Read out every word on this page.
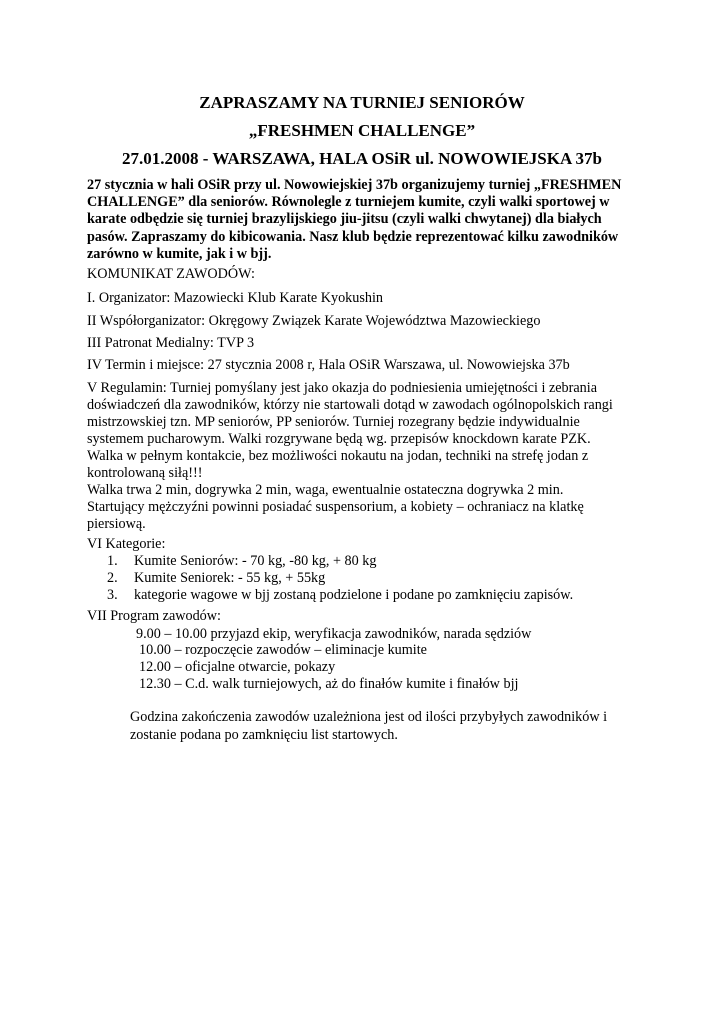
ZAPRASZAMY NA TURNIEJ SENIORÓW
„FRESHMEN CHALLENGE”
27.01.2008 - WARSZAWA, HALA OSiR ul. NOWOWIEJSKA 37b
27 stycznia w hali OSiR przy ul. Nowowiejskiej 37b organizujemy turniej „FRESHMEN
CHALLENGE” dla seniorów. Równolegle z turniejem kumite, czyli walki sportowej w
karate odbędzie się turniej brazylijskiego jiu-jitsu (czyli walki chwytanej) dla białych
pasów. Zapraszamy do kibicowania. Nasz klub będzie reprezentować kilku zawodników
zarówno w kumite, jak i w bjj.
KOMUNIKAT ZAWODÓW:
I. Organizator: Mazowiecki Klub Karate Kyokushin
II Współorganizator: Okręgowy Związek Karate Województwa Mazowieckiego
III Patronat Medialny: TVP 3
IV Termin i miejsce: 27 stycznia 2008 r, Hala OSiR Warszawa, ul. Nowowiejska 37b
V Regulamin: Turniej pomyślany jest jako okazja do podniesienia umiejętności i zebrania
doświadczeń dla zawodników, którzy nie startowali dotąd w zawodach ogólnopolskich rangi
mistrzowskiej tzn. MP seniorów, PP seniorów. Turniej rozegrany będzie indywidualnie
systemem pucharowym. Walki rozgrywane będą wg. przepisów knockdown karate PZK.
Walka w pełnym kontakcie, bez możliwości nokautu na jodan, techniki na strefę jodan z
kontrolowaną siłą!!!
Walka trwa 2 min, dogrywka 2 min, waga, ewentualnie ostateczna dogrywka 2 min.
Startujący mężczyźni powinni posiadać suspensorium, a kobiety – ochraniacz na klatkę
piersiową.
VI Kategorie:
1. Kumite Seniorów: - 70 kg, -80 kg, + 80 kg
2. Kumite Seniorek: - 55 kg, + 55kg
3. kategorie wagowe w bjj zostaną podzielone i podane po zamknięciu zapisów.
VII Program zawodów:
9.00 – 10.00 przyjazd ekip, weryfikacja zawodników, narada sędziów
10.00 – rozpoczęcie zawodów – eliminacje kumite
12.00 – oficjalne otwarcie, pokazy
12.30 – C.d. walk turniejowych, aż do finałów kumite i finałów bjj
Godzina zakończenia zawodów uzależniona jest od ilości przybyłych zawodników i
zostanie podana po zamknięciu list startowych.
